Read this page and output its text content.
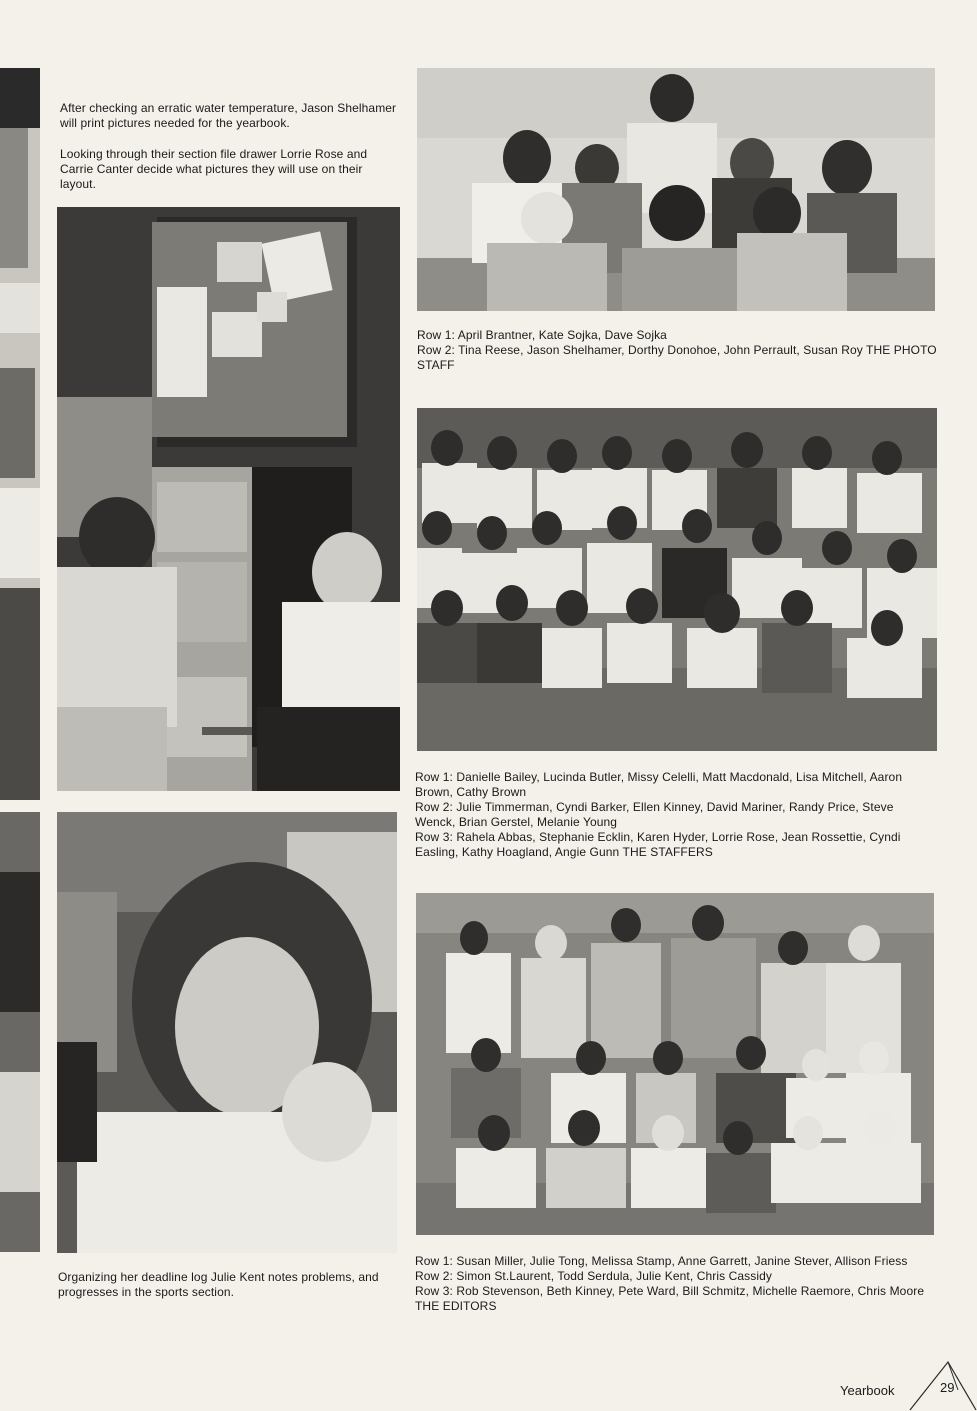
After checking an erratic water temperature, Jason Shelhamer will print pictures needed for the yearbook.

Looking through their section file drawer Lorrie Rose and Carrie Canter decide what pictures they will use on their layout.

Organizing her deadline log Julie Kent notes problems, and progresses in the sports section.

Row 1: April Brantner, Kate Sojka, Dave Sojka

Row 2: Tina Reese, Jason Shelhamer, Dorthy Donohoe, John Perrault, Susan Roy THE PHOTO STAFF

Row 1: Danielle Bailey, Lucinda Butler, Missy Celelli, Matt Macdonald, Lisa Mitchell, Aaron Brown, Cathy Brown

Row 2: Julie Timmerman, Cyndi Barker, Ellen Kinney, David Mariner, Randy Price, Steve Wenck, Brian Gerstel, Melanie Young

Row 3: Rahela Abbas, Stephanie Ecklin, Karen Hyder, Lorrie Rose, Jean Rossettie, Cyndi Easling, Kathy Hoagland, Angie Gunn THE STAFFERS

Row 1: Susan Miller, Julie Tong, Melissa Stamp, Anne Garrett, Janine Stever, Allison Friess

Row 2: Simon St.Laurent, Todd Serdula, Julie Kent, Chris Cassidy

Row 3: Rob Stevenson, Beth Kinney, Pete Ward, Bill Schmitz, Michelle Raemore, Chris Moore THE EDITORS

Yearbook	29
